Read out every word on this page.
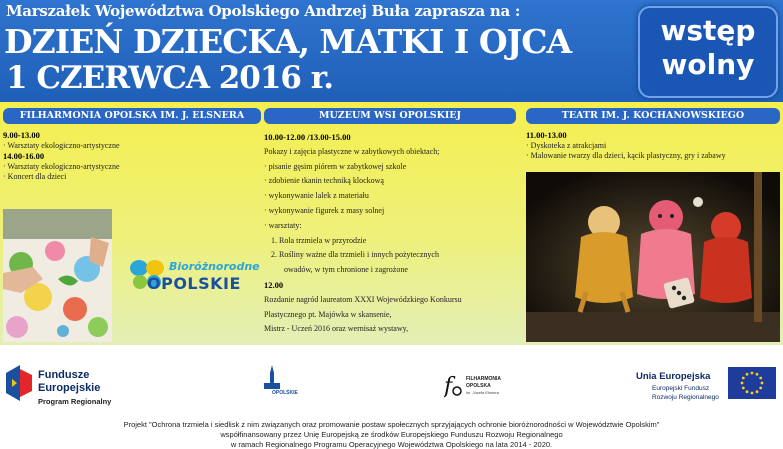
Marszałek Województwa Opolskiego Andrzej Buła zaprasza na :
DZIEŃ DZIECKA, MATKI I OJCA
1 CZERWCA 2016 r.
wstęp
wolny
FILHARMONIA OPOLSKA IM. J. ELSNERA	MUZEUM WSI OPOLSKIEJ	TEATR IM. J. KOCHANOWSKIEGO
9.00-13.00
· Warsztaty ekologiczno-artystyczne
14.00-16.00
· Warsztaty ekologiczno-artystyczne
· Koncert dla dzieci
10.00-12.00 /13.00-15.00
Pokazy i zajęcia plastyczne w zabytkowych obiektach;
· pisanie gęsim piórem w zabytkowej szkole
· zdobienie tkanin techniką klockową
· wykonywanie lalek z materiału
· wykonywanie figurek z masy solnej
· warsztaty:
1. Rola trzmiela w przyrodzie
2. Rośliny ważne dla trzmieli i innych pożytecznych
owadów, w tym chronione i zagrożone
12.00
Rozdanie nagród laureatom XXXI Wojewódzkiego Konkursu
Plastycznego pt. Majówka w skansenie,
Mistrz - Uczeń 2016 oraz wernisaż wystawy,
11.00-13.00
· Dyskoteka z atrakcjami
· Malowanie twarzy dla dzieci, kącik plastyczny, gry i zabawy
Bioróżnorodne
OPOLSKIE
Fundusze
Europejskie
Program Regionalny
OPOLSKIE	f	FILHARMONIA
OPOLSKA
im. Józefa Elsnera
Unia Europejska
Europejski Fundusz
Rozwoju Regionalnego
Projekt "Ochrona trzmiela i siedlisk z nim związanych oraz promowanie postaw społecznych sprzyjających ochronie bioróżnorodności w Województwie Opolskim"
współfinansowany przez Unię Europejską ze środków Europejskiego Funduszu Rozwoju Regionalnego
w ramach Regionalnego Programu Operacyjnego Województwa Opolskiego na lata 2014 - 2020.
